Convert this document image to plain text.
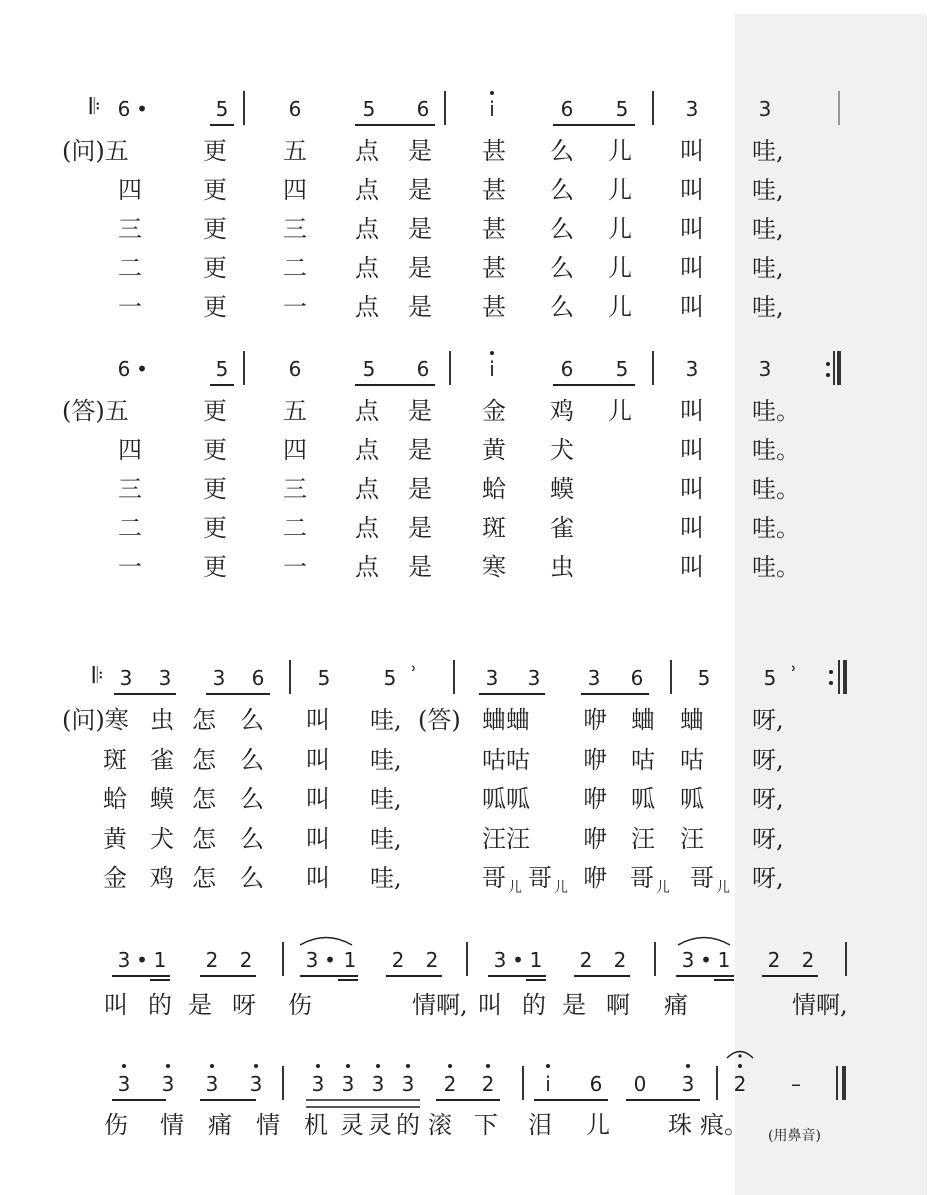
𝄆 6 •	5	6	5	6	i	6	5	3	3
(问)五	更 五 点 是 甚 么 儿 叫 哇,
四	更 四 点 是 甚 么 儿 叫 哇,
三	更 三 点 是 甚 么 儿 叫 哇,
二	更 二 点 是 甚 么 儿 叫 哇,
一	更 一 点 是 甚 么 儿 叫 哇,
6 •	5	6	5	6	i	6	5	3	3
(答)五	更 五 点 是 金 鸡 儿 叫 哇。
四	更 四 点 是 黄 犬	叫 哇。
三	更 三 点 是 蛤 蟆	叫 哇。
二	更 二 点 是 斑 雀	叫 哇。
一	更 一 点 是 寒 虫	叫 哇。
𝄆 3	3	3	6	5	5 ʾ	3	3	3	6	5	5 ʾ
(问)寒 虫 怎 么 叫 哇, (答) 蛐蛐 咿 蛐 蛐 呀,
斑 雀 怎 么 叫 哇,	咕咕 咿 咕 咕 呀,
蛤 蟆 怎 么 叫 哇,	呱呱 咿 呱 呱 呀,
黄 犬 怎 么 叫 哇,	汪汪 咿 汪 汪 呀,
金 鸡 怎 么 叫 哇,	哥 儿 哥 儿 咿 哥 儿 哥 儿 呀,
3 • 1	2	2	3 • 1	2	2	3 • 1	2	2	3 • 1	2	2
叫 的 是 呀 伤	情啊, 叫 的 是 啊 痛	情啊,
3	3	3	3	3 3 3 3	2	2	i	6	0	3	2	–
伤 情 痛 情 机 灵 灵 的 滚 下 泪 儿 珠 痕。 (用鼻音)
